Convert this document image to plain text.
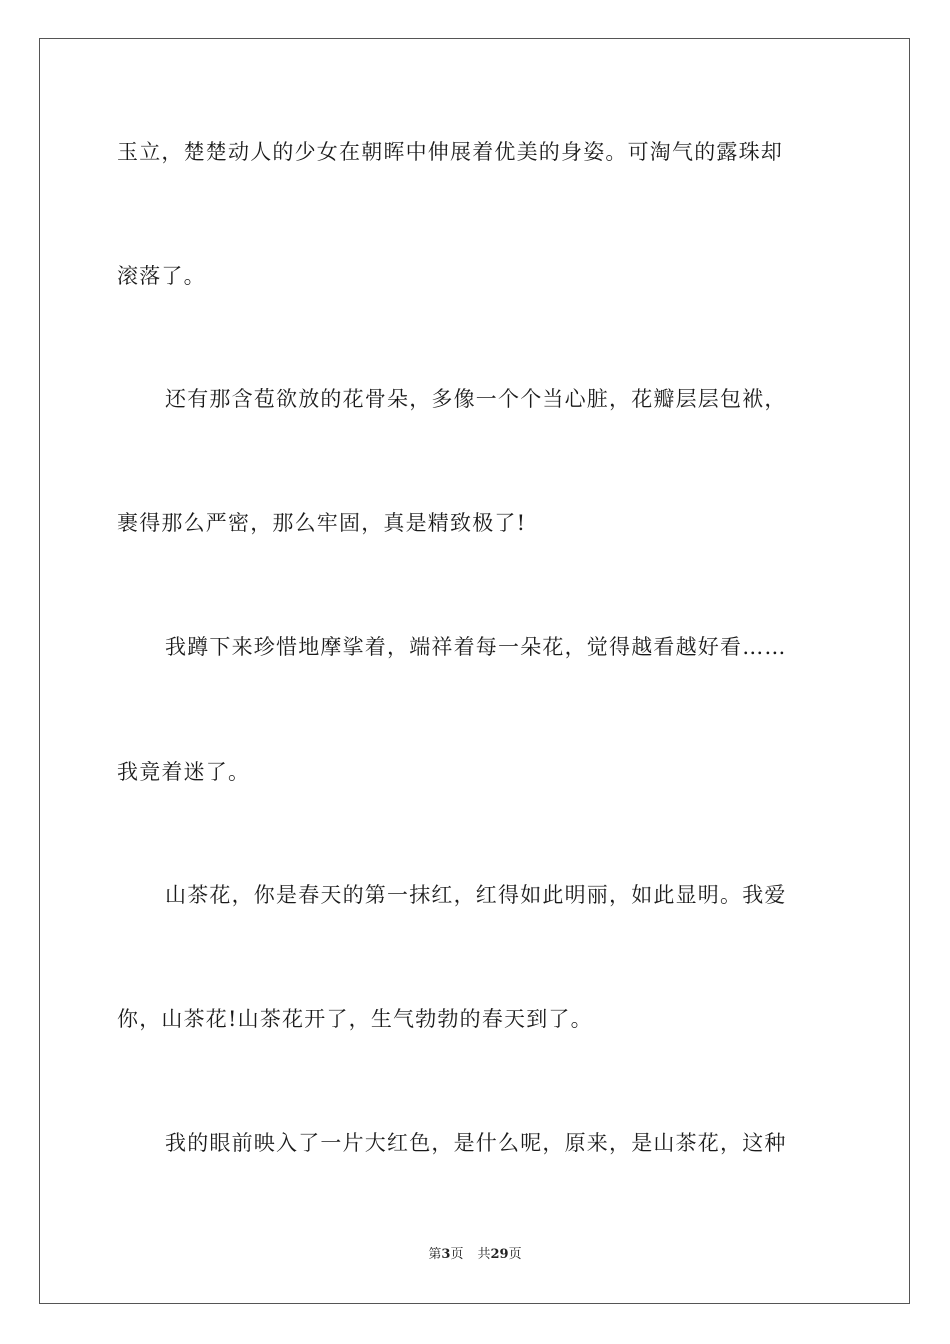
玉立，楚楚动人的少女在朝晖中伸展着优美的身姿。可淘气的露珠却
滚落了。
还有那含苞欲放的花骨朵，多像一个个当心脏，花瓣层层包袱，
裹得那么严密，那么牢固，真是精致极了!
我蹲下来珍惜地摩挲着，端祥着每一朵花，觉得越看越好看……
我竟着迷了。
山茶花，你是春天的第一抹红，红得如此明丽，如此显明。我爱
你，山茶花!山茶花开了，生气勃勃的春天到了。
我的眼前映入了一片大红色，是什么呢，原来，是山茶花，这种
第3页 共29页
